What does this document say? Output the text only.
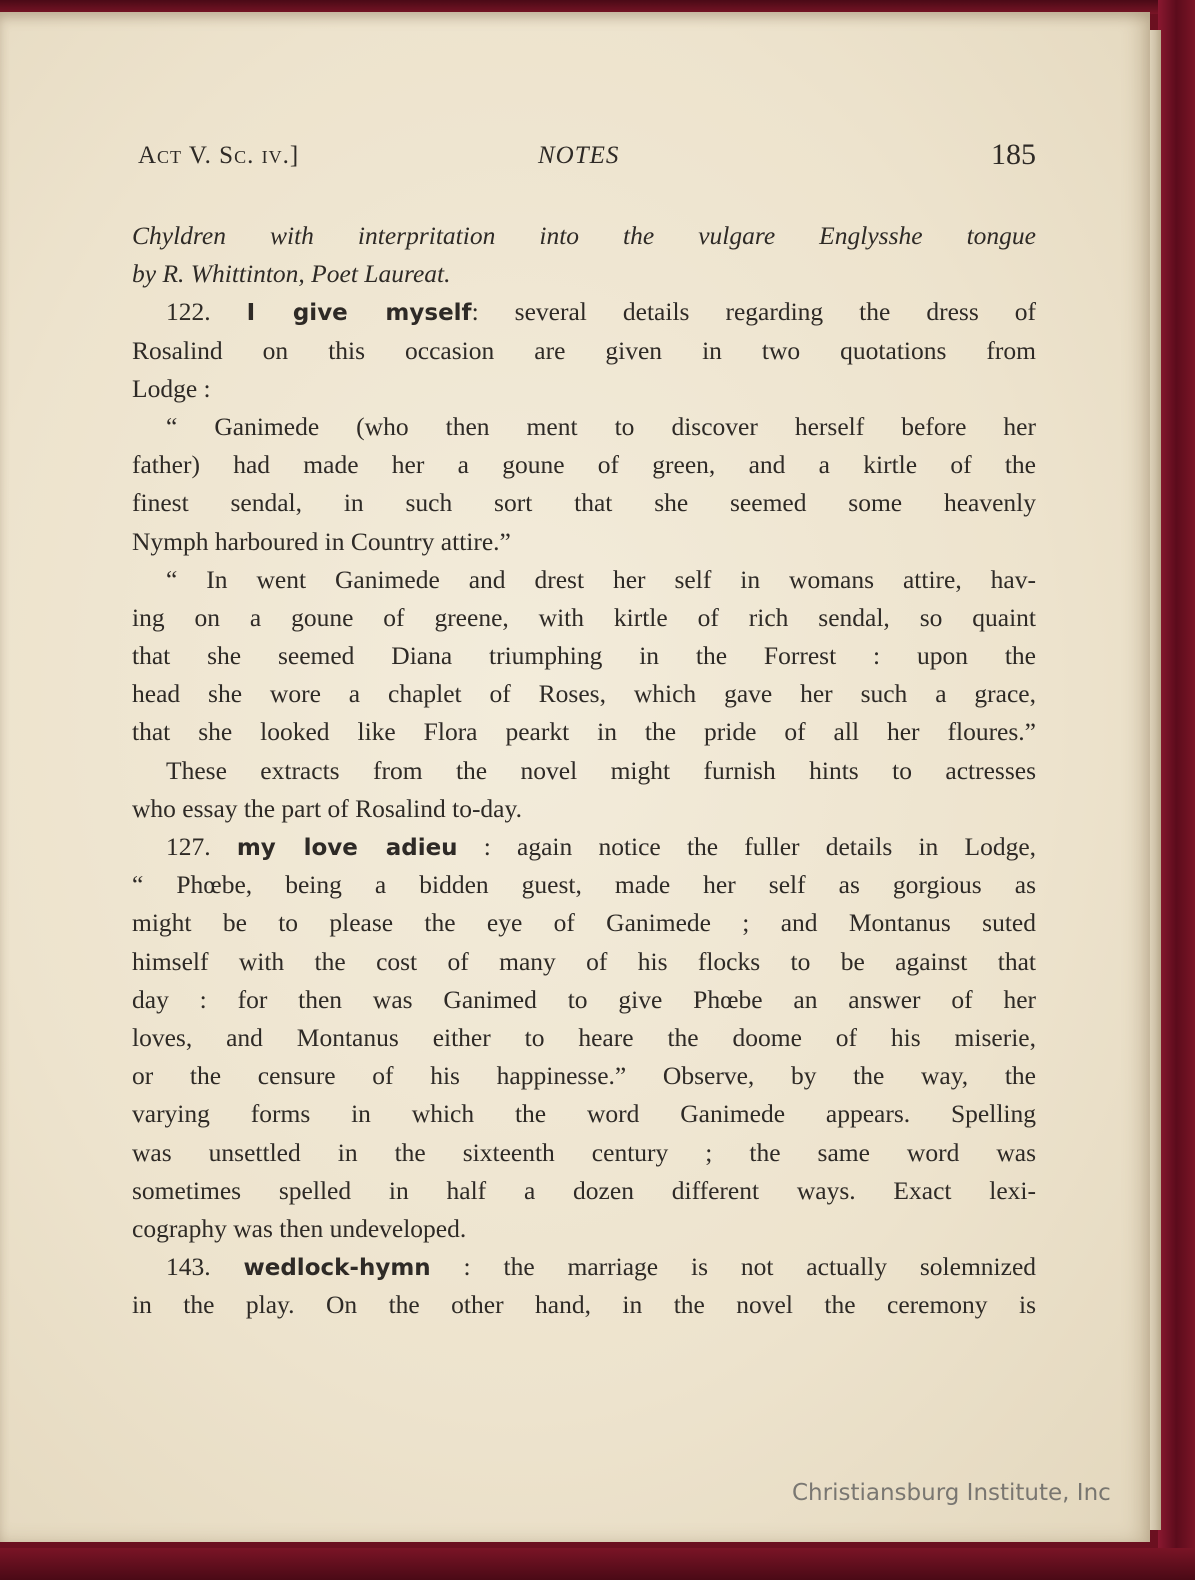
Act V. Sc. iv.]	NOTES	185
Chyldren with interpritation into the vulgare Englysshe tongue
by R. Whittinton, Poet Laureat.
122. I give myself: several details regarding the dress of
Rosalind on this occasion are given in two quotations from
Lodge :
“ Ganimede (who then ment to discover herself before her
father) had made her a goune of green, and a kirtle of the
finest sendal, in such sort that she seemed some heavenly
Nymph harboured in Country attire.”
“ In went Ganimede and drest her self in womans attire, hav-
ing on a goune of greene, with kirtle of rich sendal, so quaint
that she seemed Diana triumphing in the Forrest : upon the
head she wore a chaplet of Roses, which gave her such a grace,
that she looked like Flora pearkt in the pride of all her floures.”
These extracts from the novel might furnish hints to actresses
who essay the part of Rosalind to-day.
127. my love adieu : again notice the fuller details in Lodge,
“ Phœbe, being a bidden guest, made her self as gorgious as
might be to please the eye of Ganimede ; and Montanus suted
himself with the cost of many of his flocks to be against that
day : for then was Ganimed to give Phœbe an answer of her
loves, and Montanus either to heare the doome of his miserie,
or the censure of his happinesse.” Observe, by the way, the
varying forms in which the word Ganimede appears. Spelling
was unsettled in the sixteenth century ; the same word was
sometimes spelled in half a dozen different ways. Exact lexi-
cography was then undeveloped.
143. wedlock-hymn : the marriage is not actually solemnized
in the play. On the other hand, in the novel the ceremony is
Christiansburg Institute, Inc
